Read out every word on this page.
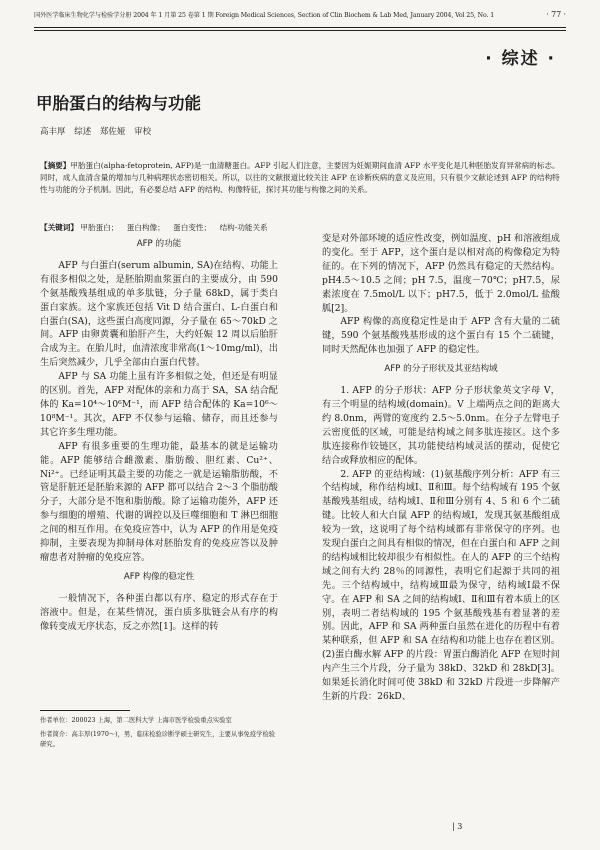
国外医学临床生物化学与检验学分册 2004 年 1 月第 25 卷第 1 期 Foreign Medical Sciences, Section of Clin Biochem & Lab Med, January 2004, Vol 25, No. 1	· 77 ·
· 综述 ·
甲胎蛋白的结构与功能
高丰厚 综述 郑佐娅 审校
【摘要】甲胎蛋白(alpha-fetoprotein, AFP)是一血清糖蛋白。AFP 引起人们注意，主要因为妊娠期间血清 AFP 水平变化是几种胚胎发育异常病的标志。同时，成人血清含量的增加与几种病理状态密切相关。所以，以往的文献报道比较关注 AFP 在诊断疾病的意义及应用，只有很少文献论述到 AFP 的结构特性与功能的分子机制。因此，有必要总结 AFP 的结构、构像特征，探讨其功能与构像之间的关系。
【关键词】 甲胎蛋白； 蛋白构像； 蛋白变性； 结构-功能关系
AFP 的功能

AFP 与白蛋白(serum albumin, SA)在结构、功能上有很多相似之处，是胚胎期血浆蛋白的主要成分，由 590 个氨基酸残基组成的单多肽链，分子量 68kD，属于类白蛋白家族。这个家族还包括 Vit D 结合蛋白、L-白蛋白和白蛋白(SA)，这些蛋白高度同源，分子量在 65～70kD 之间。AFP 由卵黄囊和胎肝产生，大约妊娠 12 周以后胎肝合成为主。在胎儿时，血清浓度非常高(1～10mg/ml)，出生后突然减少，几乎全部由白蛋白代替。

AFP 与 SA 功能上虽有许多相似之处，但还是有明显的区别。首先，AFP 对配体的亲和力高于 SA，SA 结合配体的 Ka=10⁴～10⁶M⁻¹，而 AFP 结合配体的 Ka=10⁶～10⁸M⁻¹。其次，AFP 不仅参与运输、储存，而且还参与其它许多生理功能。

AFP 有很多重要的生理功能，最基本的就是运输功能。AFP 能够结合雌激素、脂肪酸、胆红素、Cu²⁺、Ni²⁺。已经证明其最主要的功能之一就是运输脂肪酸，不管是肝脏还是胚胎来源的 AFP 都可以结合 2～3 个脂肪酸分子，大部分是不饱和脂肪酸。除了运输功能外，AFP 还参与细胞的增殖、代谢的调控以及巨噬细胞和 T 淋巴细胞之间的相互作用。在免疫应答中，认为 AFP 的作用是免疫抑制，主要表现为抑制母体对胚胎发育的免疫应答以及肿瘤患者对肿瘤的免疫应答。

AFP 构像的稳定性

一般情况下，各种蛋白都以有序、稳定的形式存在于溶液中。但是，在某些情况，蛋白质多肽链会从有序的构像转变成无序状态，反之亦然[1]。这样的转

作者单位：200023 上海，第二医科大学 上海市医学检验重点实验室
作者简介：高丰厚(1970～)，男，临床检验诊断学硕士研究生，主要从事免疫学检验研究。

变是对外部环境的适应性改变，例如温度、pH 和溶液组成的变化。至于 AFP，这个蛋白是以相对高的构像稳定为特征的。在下列的情况下，AFP 仍然具有稳定的天然结构。pH4.5～10.5 之间；pH 7.5，温度－70℃；pH7.5，尿素浓度在 7.5mol/L 以下；pH7.5，低于 2.0mol/L 盐酸胍[2]。

AFP 构像的高度稳定性是由于 AFP 含有大量的二硫键，590 个氨基酸残基形成的这个蛋白有 15 个二硫键，同时天然配体也加强了 AFP 的稳定性。

AFP 的分子形状及其亚结构域

1. AFP 的分子形状：AFP 分子形状象英文字母 V，有三个明显的结构域(domain)。V 上端两点之间的距离大约 8.0nm，两臂的宽度约 2.5～5.0nm。在分子左臂电子云密度低的区域，可能是结构域之间多肽连接区。这个多肽连接称作铰链区，其功能使结构域灵活的摆动，促使它结合或释放相应的配体。

2. AFP 的亚结构域：(1)氨基酸序列分析：AFP 有三个结构域，称作结构域Ⅰ、Ⅱ和Ⅲ。每个结构域有 195 个氨基酸残基组成，结构域Ⅰ、Ⅱ和Ⅲ分别有 4、5 和 6 个二硫键。比较人和大白鼠 AFP 的结构域Ⅰ，发现其氨基酸组成较为一致，这说明了每个结构域都有非常保守的序列。也发现白蛋白之间具有相似的情况，但在白蛋白和 AFP 之间的结构域相比较却很少有相似性。在人的 AFP 的三个结构域之间有大约 28％的同源性，表明它们起源于共同的祖先。三个结构域中，结构域Ⅲ最为保守，结构域Ⅰ最不保守。在 AFP 和 SA 之间的结构域Ⅰ、Ⅱ和Ⅲ有着本质上的区别，表明二者结构域的 195 个氨基酸残基有着显著的差别。因此，AFP 和 SA 两种蛋白虽然在进化的历程中有着某种联系，但 AFP 和 SA 在结构和功能上也存在着区别。(2)蛋白酶水解 AFP 的片段：胃蛋白酶消化 AFP 在短时间内产生三个片段，分子量为 38kD、32kD 和 28kD[3]。如果延长消化时间可使 38kD 和 32kD 片段进一步降解产生新的片段：26kD、

| 3
